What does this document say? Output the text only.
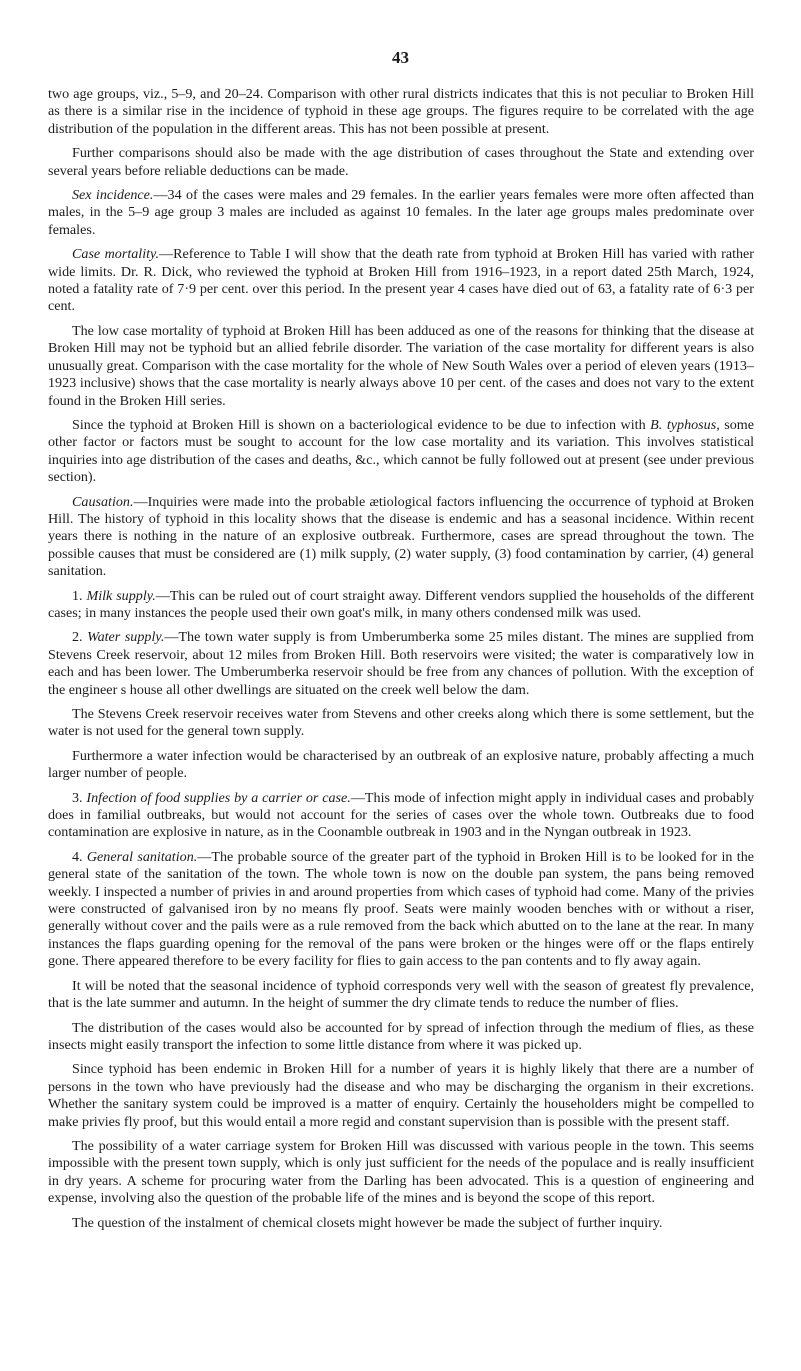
43

two age groups, viz., 5–9, and 20–24. Comparison with other rural districts indicates that this is not peculiar to Broken Hill as there is a similar rise in the incidence of typhoid in these age groups. The figures require to be correlated with the age distribution of the population in the different areas. This has not been possible at present.

Further comparisons should also be made with the age distribution of cases throughout the State and extending over several years before reliable deductions can be made.

Sex incidence.—34 of the cases were males and 29 females. In the earlier years females were more often affected than males, in the 5–9 age group 3 males are included as against 10 females. In the later age groups males predominate over females.

Case mortality.—Reference to Table I will show that the death rate from typhoid at Broken Hill has varied with rather wide limits. Dr. R. Dick, who reviewed the typhoid at Broken Hill from 1916–1923, in a report dated 25th March, 1924, noted a fatality rate of 7·9 per cent. over this period. In the present year 4 cases have died out of 63, a fatality rate of 6·3 per cent.

The low case mortality of typhoid at Broken Hill has been adduced as one of the reasons for thinking that the disease at Broken Hill may not be typhoid but an allied febrile disorder. The variation of the case mortality for different years is also unusually great. Comparison with the case mortality for the whole of New South Wales over a period of eleven years (1913–1923 inclusive) shows that the case mortality is nearly always above 10 per cent. of the cases and does not vary to the extent found in the Broken Hill series.

Since the typhoid at Broken Hill is shown on a bacteriological evidence to be due to infection with B. typhosus, some other factor or factors must be sought to account for the low case mortality and its variation. This involves statistical inquiries into age distribution of the cases and deaths, &c., which cannot be fully followed out at present (see under previous section).

Causation.—Inquiries were made into the probable ætiological factors influencing the occurrence of typhoid at Broken Hill. The history of typhoid in this locality shows that the disease is endemic and has a seasonal incidence. Within recent years there is nothing in the nature of an explosive outbreak. Furthermore, cases are spread throughout the town. The possible causes that must be considered are (1) milk supply, (2) water supply, (3) food contamination by carrier, (4) general sanitation.

1. Milk supply.—This can be ruled out of court straight away. Different vendors supplied the households of the different cases; in many instances the people used their own goat's milk, in many others condensed milk was used.

2. Water supply.—The town water supply is from Umberumberka some 25 miles distant. The mines are supplied from Stevens Creek reservoir, about 12 miles from Broken Hill. Both reservoirs were visited; the water is comparatively low in each and has been lower. The Umberumberka reservoir should be free from any chances of pollution. With the exception of the engineer s house all other dwellings are situated on the creek well below the dam.

The Stevens Creek reservoir receives water from Stevens and other creeks along which there is some settlement, but the water is not used for the general town supply.

Furthermore a water infection would be characterised by an outbreak of an explosive nature, probably affecting a much larger number of people.

3. Infection of food supplies by a carrier or case.—This mode of infection might apply in individual cases and probably does in familial outbreaks, but would not account for the series of cases over the whole town. Outbreaks due to food contamination are explosive in nature, as in the Coonamble outbreak in 1903 and in the Nyngan outbreak in 1923.

4. General sanitation.—The probable source of the greater part of the typhoid in Broken Hill is to be looked for in the general state of the sanitation of the town. The whole town is now on the double pan system, the pans being removed weekly. I inspected a number of privies in and around properties from which cases of typhoid had come. Many of the privies were constructed of galvanised iron by no means fly proof. Seats were mainly wooden benches with or without a riser, generally without cover and the pails were as a rule removed from the back which abutted on to the lane at the rear. In many instances the flaps guarding opening for the removal of the pans were broken or the hinges were off or the flaps entirely gone. There appeared therefore to be every facility for flies to gain access to the pan contents and to fly away again.

It will be noted that the seasonal incidence of typhoid corresponds very well with the season of greatest fly prevalence, that is the late summer and autumn. In the height of summer the dry climate tends to reduce the number of flies.

The distribution of the cases would also be accounted for by spread of infection through the medium of flies, as these insects might easily transport the infection to some little distance from where it was picked up.

Since typhoid has been endemic in Broken Hill for a number of years it is highly likely that there are a number of persons in the town who have previously had the disease and who may be discharging the organism in their excretions. Whether the sanitary system could be improved is a matter of enquiry. Certainly the householders might be compelled to make privies fly proof, but this would entail a more regid and constant supervision than is possible with the present staff.

The possibility of a water carriage system for Broken Hill was discussed with various people in the town. This seems impossible with the present town supply, which is only just sufficient for the needs of the populace and is really insufficient in dry years. A scheme for procuring water from the Darling has been advocated. This is a question of engineering and expense, involving also the question of the probable life of the mines and is beyond the scope of this report.

The question of the instalment of chemical closets might however be made the subject of further inquiry.
